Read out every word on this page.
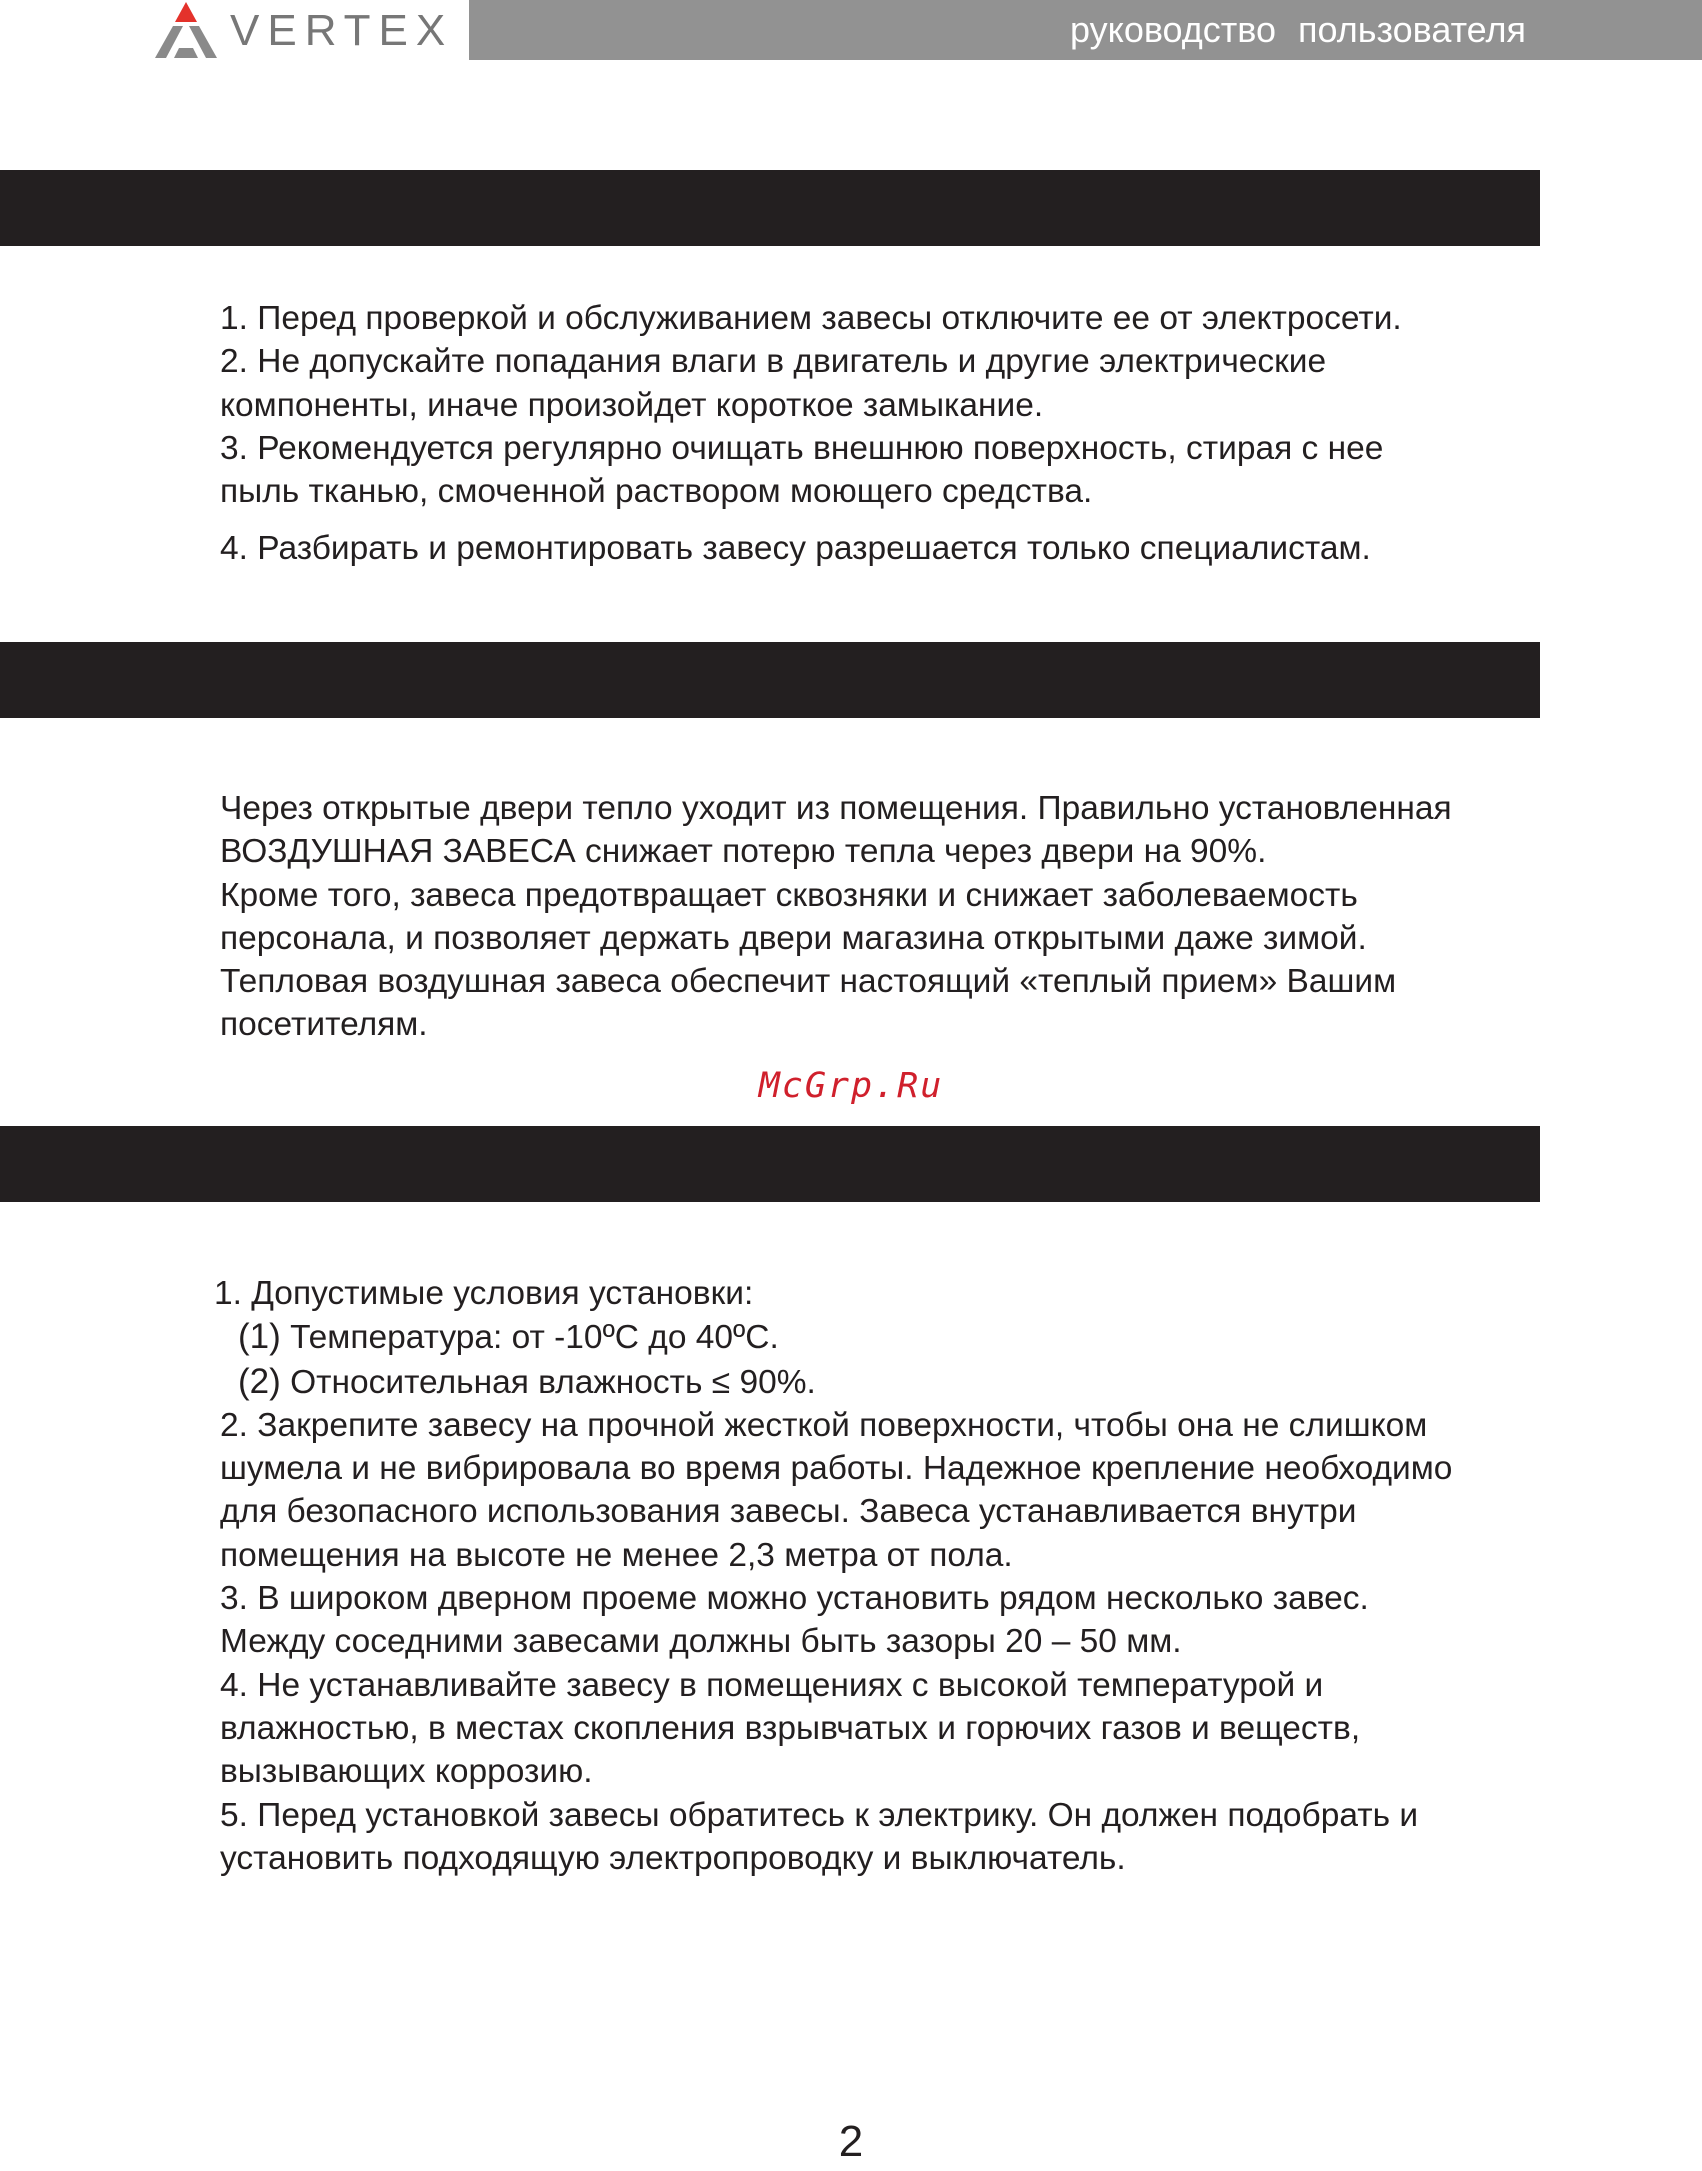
VERTEX	руководство пользователя

1. Перед проверкой и обслуживанием завесы отключите ее от электросети.

2. Не допускайте попадания влаги в двигатель и другие электрические

компоненты, иначе произойдет короткое замыкание.

3. Рекомендуется регулярно очищать внешнюю поверхность, стирая с нее

пыль тканью, смоченной раствором моющего средства.

4. Разбирать и ремонтировать завесу разрешается только специалистам.

Через открытые двери тепло уходит из помещения. Правильно установленная

ВОЗДУШНАЯ ЗАВЕСА снижает потерю тепла через двери на 90%.

Кроме того, завеса предотвращает сквозняки и снижает заболеваемость

персонала, и позволяет держать двери магазина открытыми даже зимой.

Тепловая воздушная завеса обеспечит настоящий «теплый прием» Вашим

посетителям.

McGrp.Ru

1. Допустимые условия установки:

(1) Температура: от -10ºC до 40ºC.

(2) Относительная влажность ≤ 90%.

2. Закрепите завесу на прочной жесткой поверхности, чтобы она не слишком

шумела и не вибрировала во время работы. Надежное крепление необходимо

для безопасного использования завесы. Завеса устанавливается внутри

помещения на высоте не менее 2,3 метра от пола.

3. В широком дверном проеме можно установить рядом несколько завес.

Между соседними завесами должны быть зазоры 20 – 50 мм.

4. Не устанавливайте завесу в помещениях с высокой температурой и

влажностью, в местах скопления взрывчатых и горючих газов и веществ,

вызывающих коррозию.

5. Перед установкой завесы обратитесь к электрику. Он должен подобрать и

установить подходящую электропроводку и выключатель.

2
